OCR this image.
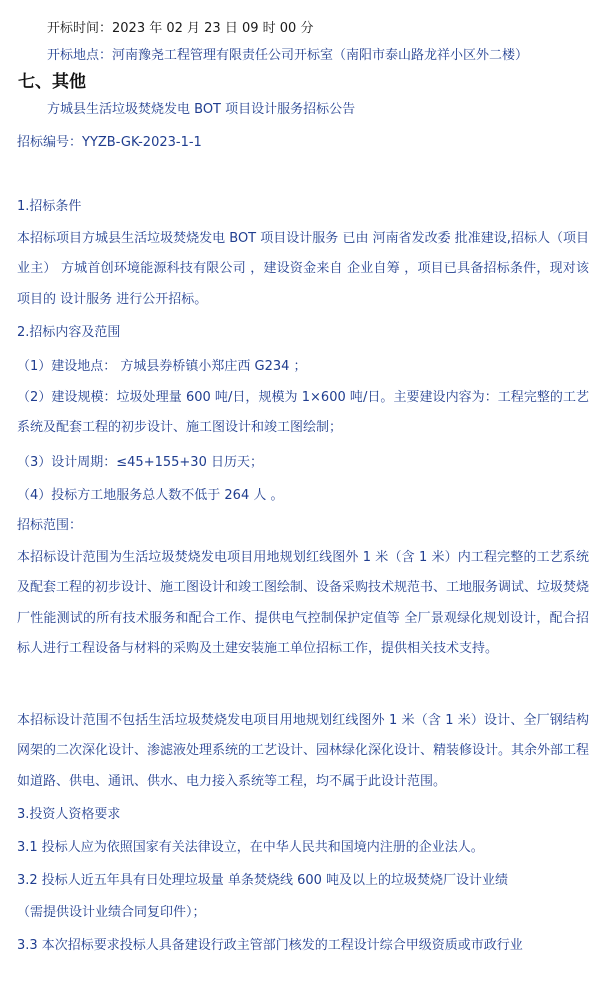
开标时间：2023 年 02 月 23 日 09 时 00 分
开标地点：河南豫尧工程管理有限责任公司开标室（南阳市泰山路龙祥小区外二楼）
七、其他
方城县生活垃圾焚烧发电 BOT 项目设计服务招标公告
招标编号：YYZB-GK-2023-1-1
1.招标条件
本招标项目方城县生活垃圾焚烧发电 BOT 项目设计服务 已由 河南省发改委 批准建设,招标人（项目业主） 方城首创环境能源科技有限公司 ，建设资金来自 企业自筹 ，项目已具备招标条件，现对该项目的 设计服务 进行公开招标。
2.招标内容及范围
（1）建设地点： 方城县券桥镇小郑庄西 G234 ；
（2）建设规模：垃圾处理量 600 吨/日，规模为 1×600 吨/日。主要建设内容为：工程完整的工艺系统及配套工程的初步设计、施工图设计和竣工图绘制；
（3）设计周期：≤45+155+30 日历天；
（4）投标方工地服务总人数不低于 264 人 。
招标范围：
本招标设计范围为生活垃圾焚烧发电项目用地规划红线图外 1 米（含 1 米）内工程完整的工艺系统及配套工程的初步设计、施工图设计和竣工图绘制、设备采购技术规范书、工地服务调试、垃圾焚烧厂性能测试的所有技术服务和配合工作、提供电气控制保护定值等 全厂景观绿化规划设计，配合招标人进行工程设备与材料的采购及土建安装施工单位招标工作，提供相关技术支持。
本招标设计范围不包括生活垃圾焚烧发电项目用地规划红线图外 1 米（含 1 米）设计、全厂钢结构网架的二次深化设计、渗滤液处理系统的工艺设计、园林绿化深化设计、精装修设计。其余外部工程如道路、供电、通讯、供水、电力接入系统等工程，均不属于此设计范围。
3.投资人资格要求
3.1 投标人应为依照国家有关法律设立，在中华人民共和国境内注册的企业法人。
3.2 投标人近五年具有日处理垃圾量 单条焚烧线 600 吨及以上的垃圾焚烧厂设计业绩
（需提供设计业绩合同复印件）；
3.3 本次招标要求投标人具备建设行政主管部门核发的工程设计综合甲级资质或市政行业
